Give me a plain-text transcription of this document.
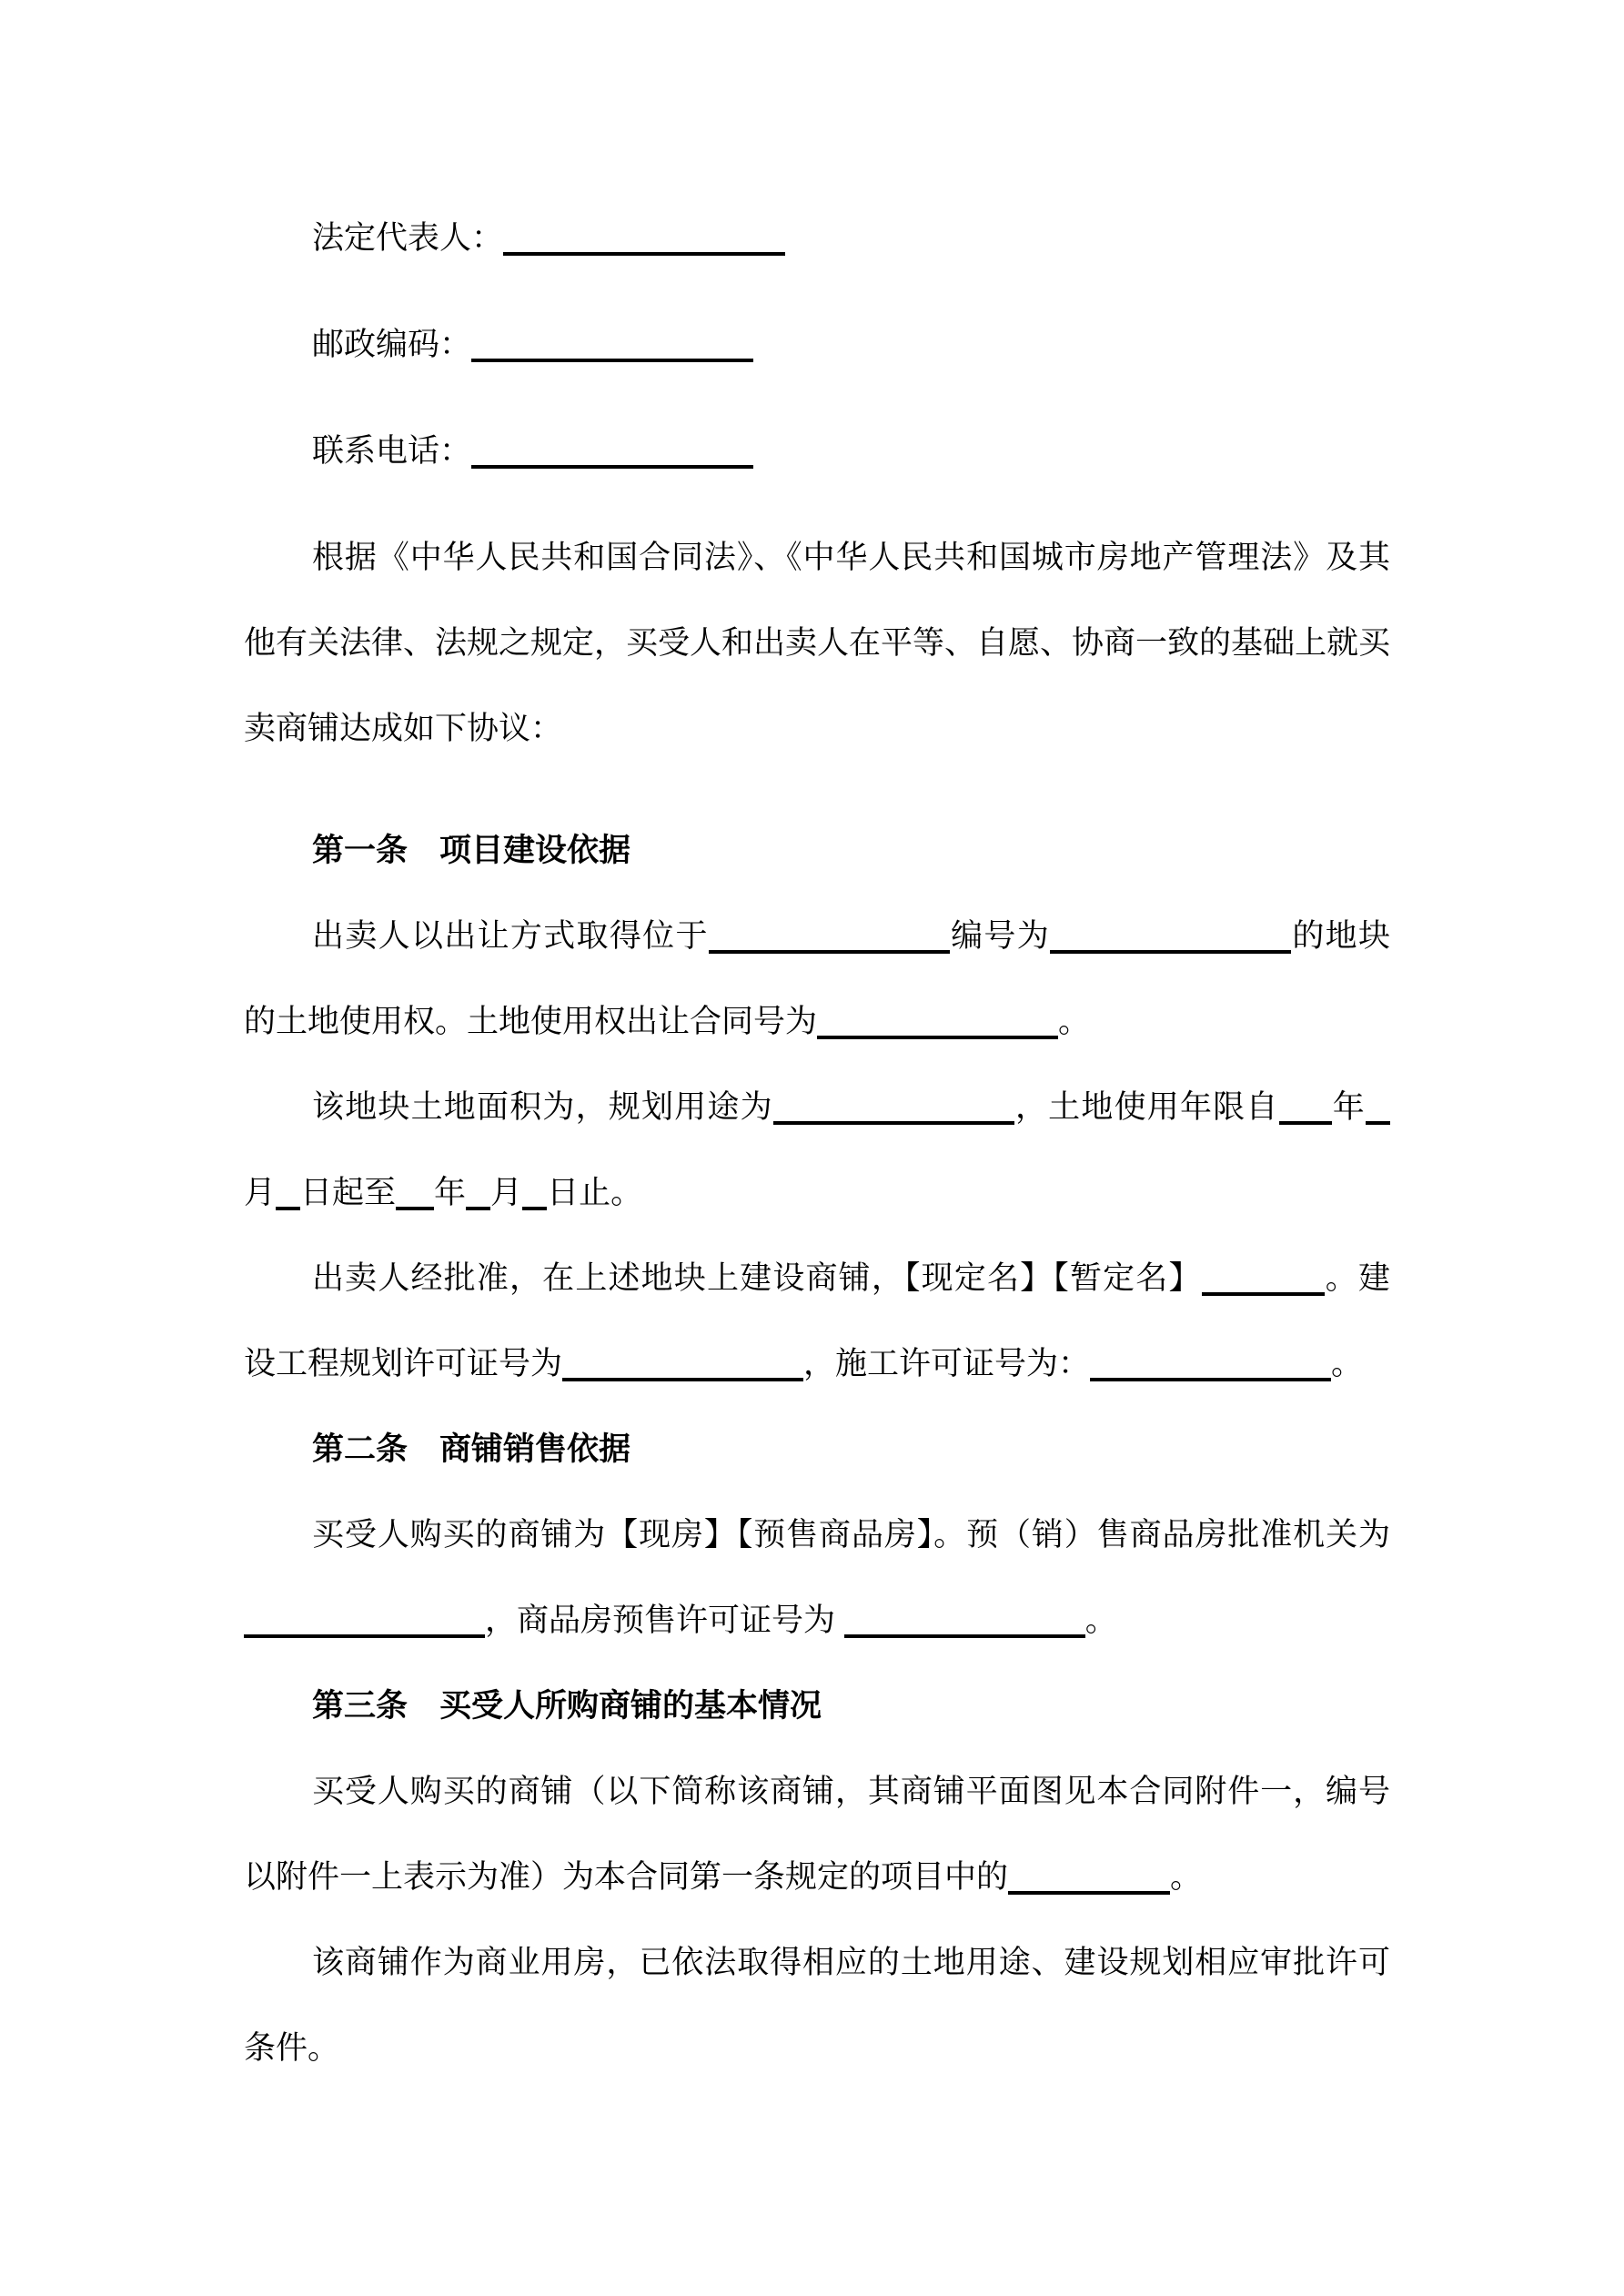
法定代表人：

邮政编码：

联系电话：

根据《中华人民共和国合同法》、《中华人民共和国城市房地产管理法》及其他有关法律、法规之规定，买受人和出卖人在平等、自愿、协商一致的基础上就买卖商铺达成如下协议：

第一条　项目建设依据

出卖人以出让方式取得位于	编号为	的地块的土地使用权。土地使用权出让合同号为	。

该地块土地面积为，规划用途为	，土地使用年限自 年月 日起至 年 月 日止。

出卖人经批准，在上述地块上建设商铺，【现定名】【暂定名】	。建设工程规划许可证号为	，施工许可证号为：	。

第二条　商铺销售依据

买受人购买的商铺为【现房】【预售商品房】。预（销）售商品房批准机关为，商品房预售许可证号为	。

第三条　买受人所购商铺的基本情况

买受人购买的商铺（以下简称该商铺，其商铺平面图见本合同附件一，编号以附件一上表示为准）为本合同第一条规定的项目中的	。

该商铺作为商业用房，已依法取得相应的土地用途、建设规划相应审批许可条件。
